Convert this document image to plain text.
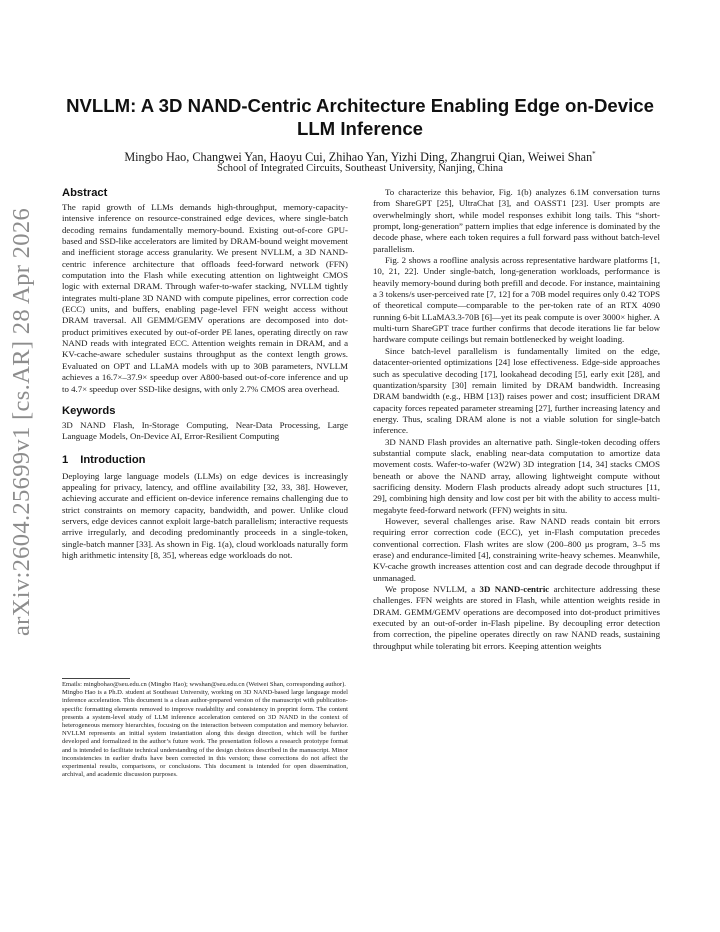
arXiv:2604.25699v1 [cs.AR] 28 Apr 2026
NVLLM: A 3D NAND-Centric Architecture Enabling Edge on-Device LLM Inference
Mingbo Hao, Changwei Yan, Haoyu Cui, Zhihao Yan, Yizhi Ding, Zhangrui Qian, Weiwei Shan*
School of Integrated Circuits, Southeast University, Nanjing, China
Abstract

The rapid growth of LLMs demands high-throughput, memory-capacity-intensive inference on resource-constrained edge devices, where single-batch decoding remains fundamentally memory-bound. Existing out-of-core GPU-based and SSD-like accelerators are limited by DRAM-bound weight movement and inefficient storage access granularity. We present NVLLM, a 3D NAND-centric inference architecture that offloads feed-forward network (FFN) computation into the Flash while executing attention on lightweight CMOS logic with external DRAM. Through wafer-to-wafer stacking, NVLLM tightly integrates multi-plane 3D NAND with compute pipelines, error correction code (ECC) units, and buffers, enabling page-level FFN weight access without DRAM traversal. All GEMM/GEMV operations are decomposed into dot-product primitives executed by out-of-order PE lanes, operating directly on raw NAND reads with integrated ECC. Attention weights remain in DRAM, and a KV-cache-aware scheduler sustains throughput as the context length grows. Evaluated on OPT and LLaMA models with up to 30B parameters, NVLLM achieves a 16.7×–37.9× speedup over A800-based out-of-core inference and up to 4.7× speedup over SSD-like designs, with only 2.7% CMOS area overhead.

Keywords

3D NAND Flash, In-Storage Computing, Near-Data Processing, Large Language Models, On-Device AI, Error-Resilient Computing

1 Introduction

Deploying large language models (LLMs) on edge devices is increasingly appealing for privacy, latency, and offline availability [32, 33, 38]. However, achieving accurate and efficient on-device inference remains challenging due to strict constraints on memory capacity, bandwidth, and power. Unlike cloud servers, edge devices cannot exploit large-batch parallelism; interactive requests arrive irregularly, and decoding predominantly proceeds in a single-token, single-batch manner [33]. As shown in Fig. 1(a), cloud workloads naturally form high arithmetic intensity [8, 35], whereas edge workloads do not.

Emails: mingbohao@seu.edu.cn (Mingbo Hao); wwshan@seu.edu.cn (Weiwei Shan, corresponding author).

Mingbo Hao is a Ph.D. student at Southeast University, working on 3D NAND-based large language model inference acceleration. This document is a clean author-prepared version of the manuscript with publication-specific formatting elements removed to improve readability and consistency in preprint form. The content presents a system-level study of LLM inference acceleration centered on 3D NAND in the context of heterogeneous memory hierarchies, focusing on the interaction between computation and memory behavior. NVLLM represents an initial system instantiation along this design direction, which will be further developed and formalized in the author’s future work. The presentation follows a research prototype format and is intended to facilitate technical understanding of the design choices described in the manuscript. Minor inconsistencies in earlier drafts have been corrected in this version; these corrections do not affect the experimental results, comparisons, or conclusions. This document is intended for open dissemination, archival, and academic discussion purposes.

To characterize this behavior, Fig. 1(b) analyzes 6.1M conversation turns from ShareGPT [25], UltraChat [3], and OASST1 [23]. User prompts are overwhelmingly short, while model responses exhibit long tails. This “short-prompt, long-generation” pattern implies that edge inference is dominated by the decode phase, where each token requires a full forward pass without batch-level parallelism.

Fig. 2 shows a roofline analysis across representative hardware platforms [1, 10, 21, 22]. Under single-batch, long-generation workloads, performance is heavily memory-bound during both prefill and decode. For instance, maintaining a 3 tokens/s user-perceived rate [7, 12] for a 70B model requires only 0.42 TOPS of theoretical compute—comparable to the per-token rate of an RTX 4090 running 6-bit LLaMA3.3-70B [6]—yet its peak compute is over 3000× higher. A multi-turn ShareGPT trace further confirms that decode iterations lie far below hardware compute ceilings but remain bottlenecked by weight loading.

Since batch-level parallelism is fundamentally limited on the edge, datacenter-oriented optimizations [24] lose effectiveness. Edge-side approaches such as speculative decoding [17], lookahead decoding [5], early exit [28], and quantization/sparsity [30] remain limited by DRAM bandwidth. Increasing DRAM bandwidth (e.g., HBM [13]) raises power and cost; insufficient DRAM capacity forces repeated parameter streaming [27], further increasing latency and energy. Thus, scaling DRAM alone is not a viable solution for single-batch inference.

3D NAND Flash provides an alternative path. Single-token decoding offers substantial compute slack, enabling near-data computation to amortize data movement costs. Wafer-to-wafer (W2W) 3D integration [14, 34] stacks CMOS beneath or above the NAND array, allowing lightweight compute without sacrificing density. Modern Flash products already adopt such structures [11, 29], combining high density and low cost per bit with the ability to access multi-megabyte feed-forward network (FFN) weights in situ.

However, several challenges arise. Raw NAND reads contain bit errors requiring error correction code (ECC), yet in-Flash computation precedes conventional correction. Flash writes are slow (200–800 μs program, 3–5 ms erase) and endurance-limited [4], constraining write-heavy schemes. Meanwhile, KV-cache growth increases attention cost and can degrade decode throughput if unmanaged.

We propose NVLLM, a 3D NAND-centric architecture addressing these challenges. FFN weights are stored in Flash, while attention weights reside in DRAM. GEMM/GEMV operations are decomposed into dot-product primitives executed by an out-of-order in-Flash pipeline. By decoupling error detection from correction, the pipeline operates directly on raw NAND reads, sustaining throughput while tolerating bit errors. Keeping attention weights
